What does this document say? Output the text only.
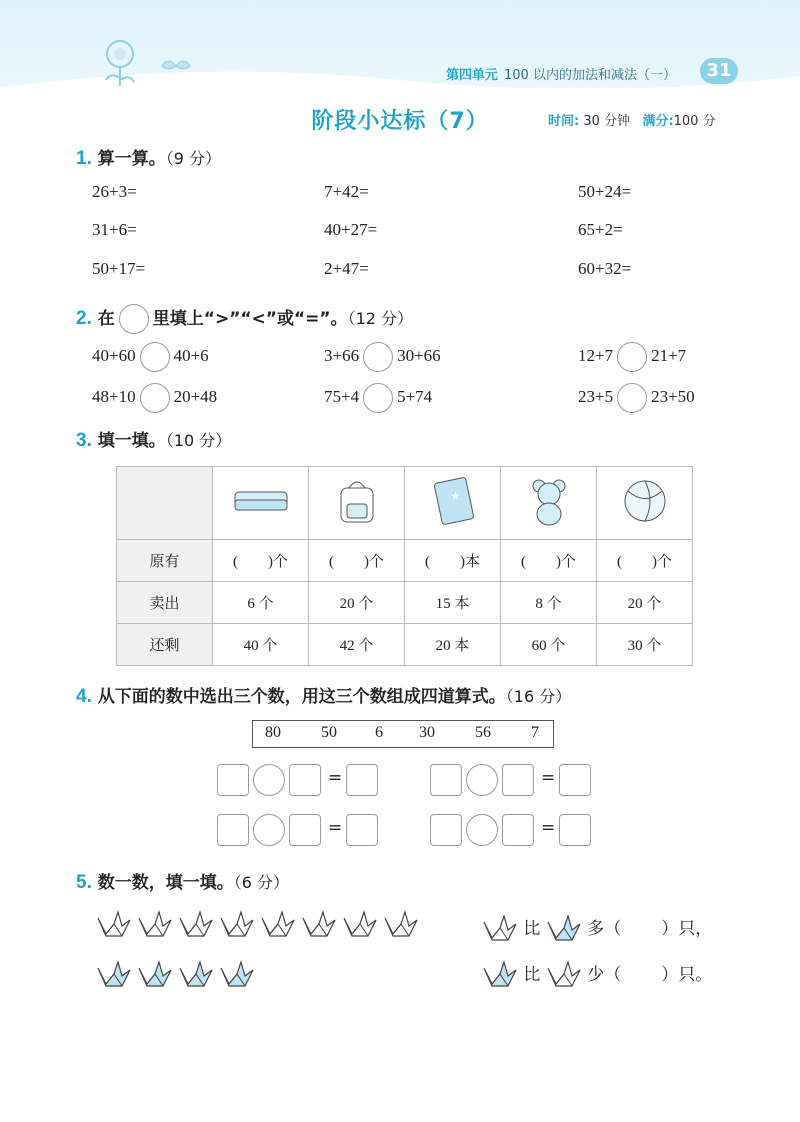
第四单元 100 以内的加法和减法（一）	31
阶段小达标（7）	时间: 30 分钟 满分:100 分
1. 算一算。（9 分）
26+3=	7+42=	50+24=
31+6=	40+27=	65+2=
50+17=	2+47=	60+32=
2. 在 里填上“>”“<”或“=”。（12 分）
40+60 40+6	3+66 30+66	12+7 21+7
48+10 20+48	75+4 5+74	23+5 23+50
3. 填一填。（10 分）

★

原有	(　　)个	(　　)个	(　　)本	(　　)个	(　　)个
卖出	6 个	20 个	15 本	8 个	20 个
还剩	40 个	42 个	20 本	60 个	30 个
4. 从下面的数中选出三个数，用这三个数组成四道算式。（16 分）
80	50 6 30	56	7
=	=
=	=
5. 数一数，填一填。（6 分）
比	多（ ）只，
比	少（ ）只。
